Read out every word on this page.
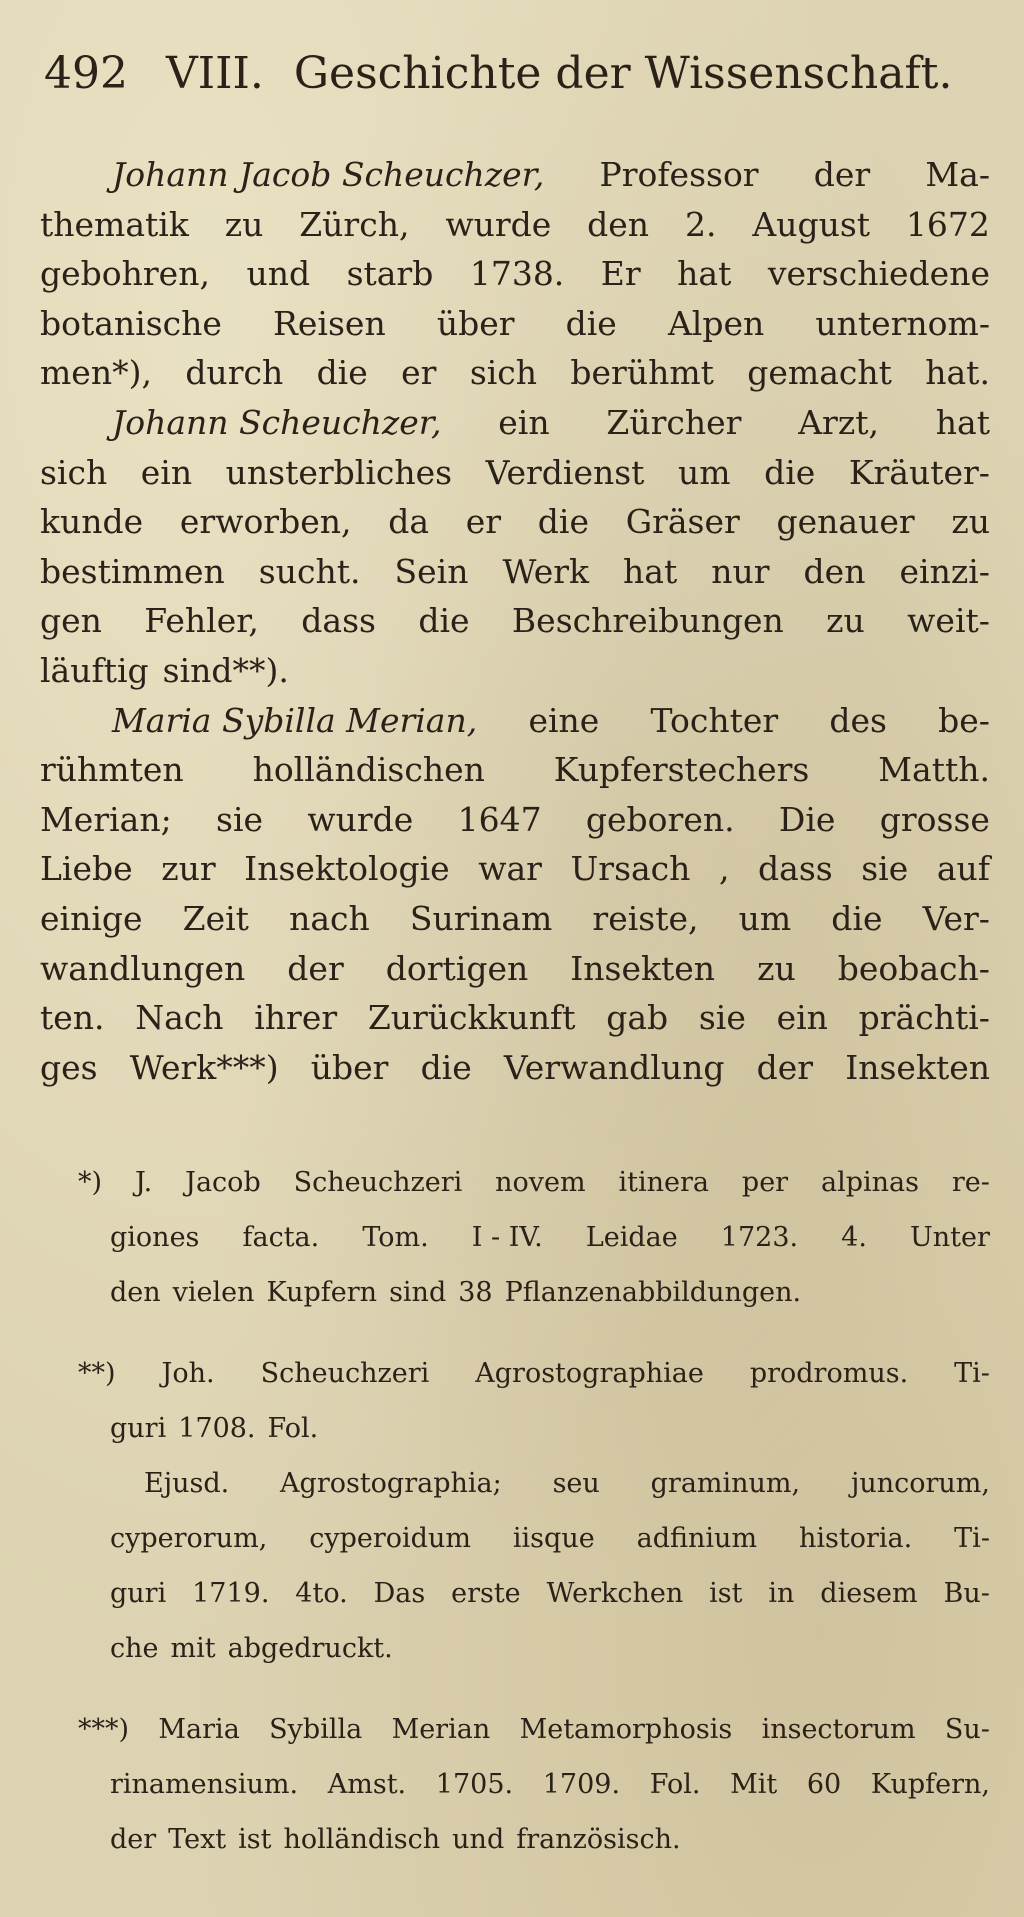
492 VIII. Geschichte der Wissenschaft.
Johann Jacob Scheuchzer, Professor der Ma-
thematik zu Zürch, wurde den 2. August 1672
gebohren, und starb 1738. Er hat verschiedene
botanische Reisen über die Alpen unternom-
men*), durch die er sich berühmt gemacht hat.
Johann Scheuchzer, ein Zürcher Arzt, hat
sich ein unsterbliches Verdienst um die Kräuter-
kunde erworben, da er die Gräser genauer zu
bestimmen sucht. Sein Werk hat nur den einzi-
gen Fehler, dass die Beschreibungen zu weit-
läuftig sind**).
Maria Sybilla Merian, eine Tochter des be-
rühmten holländischen Kupferstechers Matth.
Merian; sie wurde 1647 geboren. Die grosse
Liebe zur Insektologie war Ursach , dass sie auf
einige Zeit nach Surinam reiste, um die Ver-
wandlungen der dortigen Insekten zu beobach-
ten. Nach ihrer Zurückkunft gab sie ein prächti-
ges Werk***) über die Verwandlung der Insekten
*) J. Jacob Scheuchzeri novem itinera per alpinas re-
giones facta. Tom. I - IV. Leidae 1723. 4. Unter
den vielen Kupfern sind 38 Pflanzenabbildungen.
**) Joh. Scheuchzeri Agrostographiae prodromus. Ti-
guri 1708. Fol.
Ejusd. Agrostographia; seu graminum, juncorum,
cyperorum, cyperoidum iisque adfinium historia. Ti-
guri 1719. 4to. Das erste Werkchen ist in diesem Bu-
che mit abgedruckt.
***) Maria Sybilla Merian Metamorphosis insectorum Su-
rinamensium. Amst. 1705. 1709. Fol. Mit 60 Kupfern,
der Text ist holländisch und französisch.
